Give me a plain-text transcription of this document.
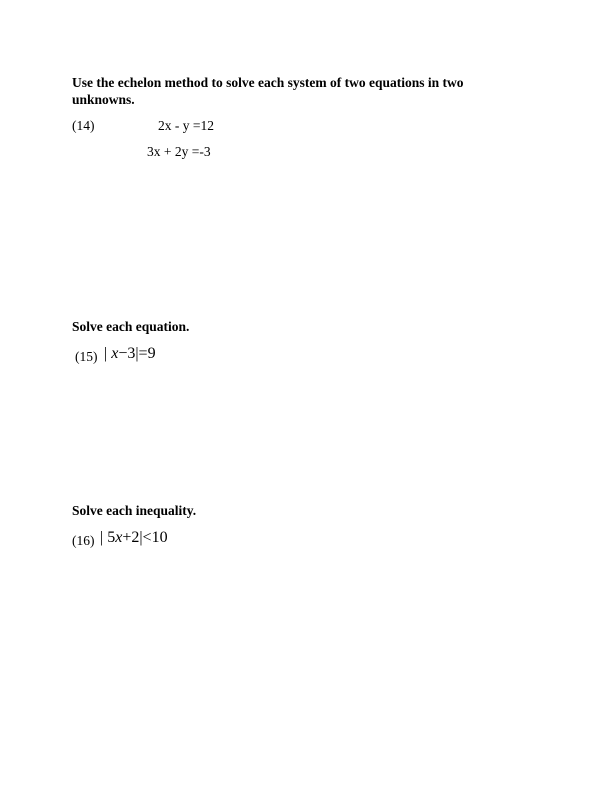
Use the echelon method to solve each system of two equations in two
unknowns.
(14)	2x - y =12
3x + 2y =-3
Solve each equation.
(15) | x−3|=9
Solve each inequality.
(16) | 5x+2|<10
